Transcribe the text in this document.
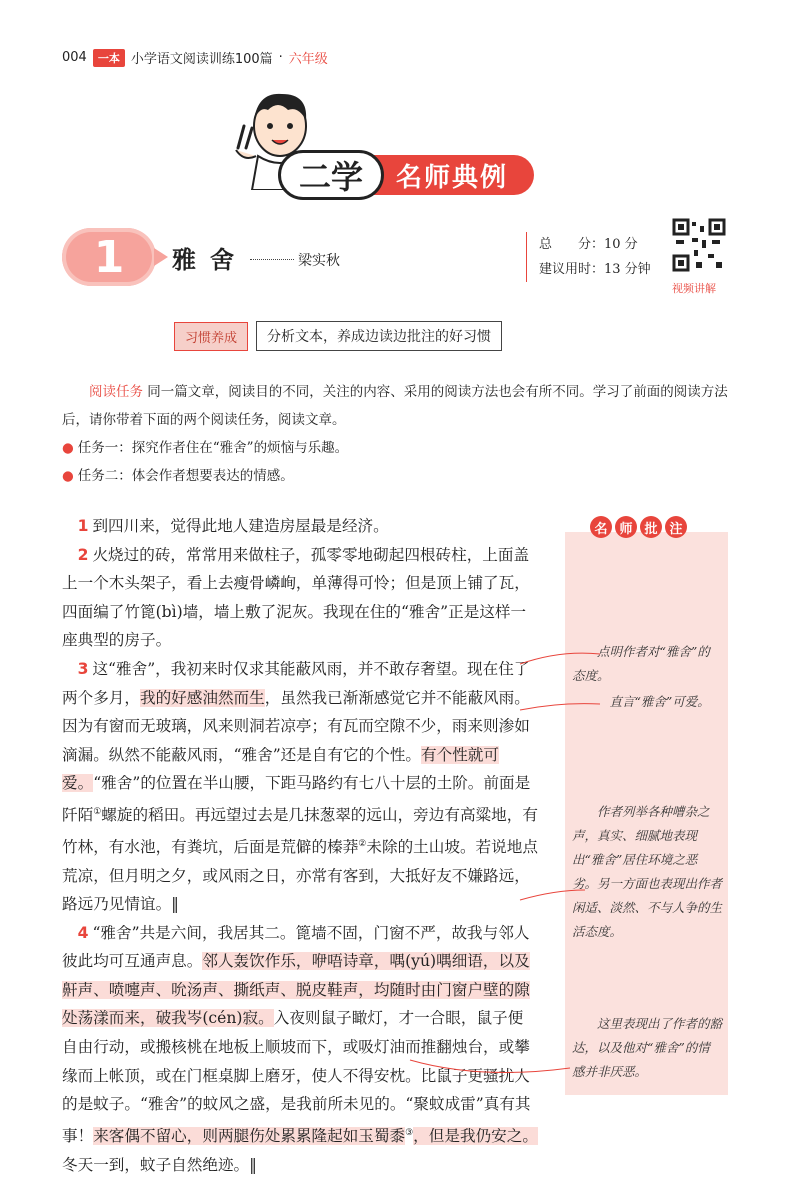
004	一本 小学语文阅读训练100篇 · 六年级
二学	名师典例
1	雅舍	梁实秋
总　　分：10 分
建议用时：13 分钟
视频讲解
习惯养成	分析文本，养成边读边批注的好习惯
阅读任务 同一篇文章，阅读目的不同，关注的内容、采用的阅读方法也会有所不同。学习了前面的阅读方法后，请你带着下面的两个阅读任务，阅读文章。
● 任务一：探究作者住在“雅舍”的烦恼与乐趣。
● 任务二：体会作者想要表达的情感。
名 师 批 注
点明作者对“雅舍”的态度。
直言“雅舍”可爱。
作者列举各种嘈杂之声，真实、细腻地表现出“雅舍”居住环境之恶劣。另一方面也表现出作者闲适、淡然、不与人争的生活态度。
这里表现出了作者的豁达，以及他对“雅舍”的情感并非厌恶。

1 到四川来，觉得此地人建造房屋最是经济。

2 火烧过的砖，常常用来做柱子，孤零零地砌起四根砖柱，上面盖上一个木头架子，看上去瘦骨嶙峋，单薄得可怜；但是顶上铺了瓦，四面编了竹篦(bì)墙，墙上敷了泥灰。我现在住的“雅舍”正是这样一座典型的房子。

3 这“雅舍”，我初来时仅求其能蔽风雨，并不敢存奢望。现在住了两个多月，我的好感油然而生，虽然我已渐渐感觉它并不能蔽风雨。因为有窗而无玻璃，风来则洞若凉亭；有瓦而空隙不少，雨来则渗如滴漏。纵然不能蔽风雨，“雅舍”还是自有它的个性。有个性就可爱。“雅舍”的位置在半山腰，下距马路约有七八十层的土阶。前面是阡陌①螺旋的稻田。再远望过去是几抹葱翠的远山，旁边有高粱地，有竹林，有水池，有粪坑，后面是荒僻的榛莽②未除的土山坡。若说地点荒凉，但月明之夕，或风雨之日，亦常有客到，大抵好友不嫌路远，路远乃见情谊。‖

4 “雅舍”共是六间，我居其二。篦墙不固，门窗不严，故我与邻人彼此均可互通声息。邻人轰饮作乐，咿唔诗章，喁(yú)喁细语，以及鼾声、喷嚏声、吮汤声、撕纸声、脱皮鞋声，均随时由门窗户壁的隙处荡漾而来，破我岑(cén)寂。入夜则鼠子瞰灯，才一合眼，鼠子便自由行动，或搬核桃在地板上顺坡而下，或吸灯油而推翻烛台，或攀缘而上帐顶，或在门框桌脚上磨牙，使人不得安枕。比鼠子更骚扰人的是蚊子。“雅舍”的蚊风之盛，是我前所未见的。“聚蚊成雷”真有其事！来客偶不留心，则两腿伤处累累隆起如玉蜀黍③，但是我仍安之。冬天一到，蚊子自然绝迹。‖
